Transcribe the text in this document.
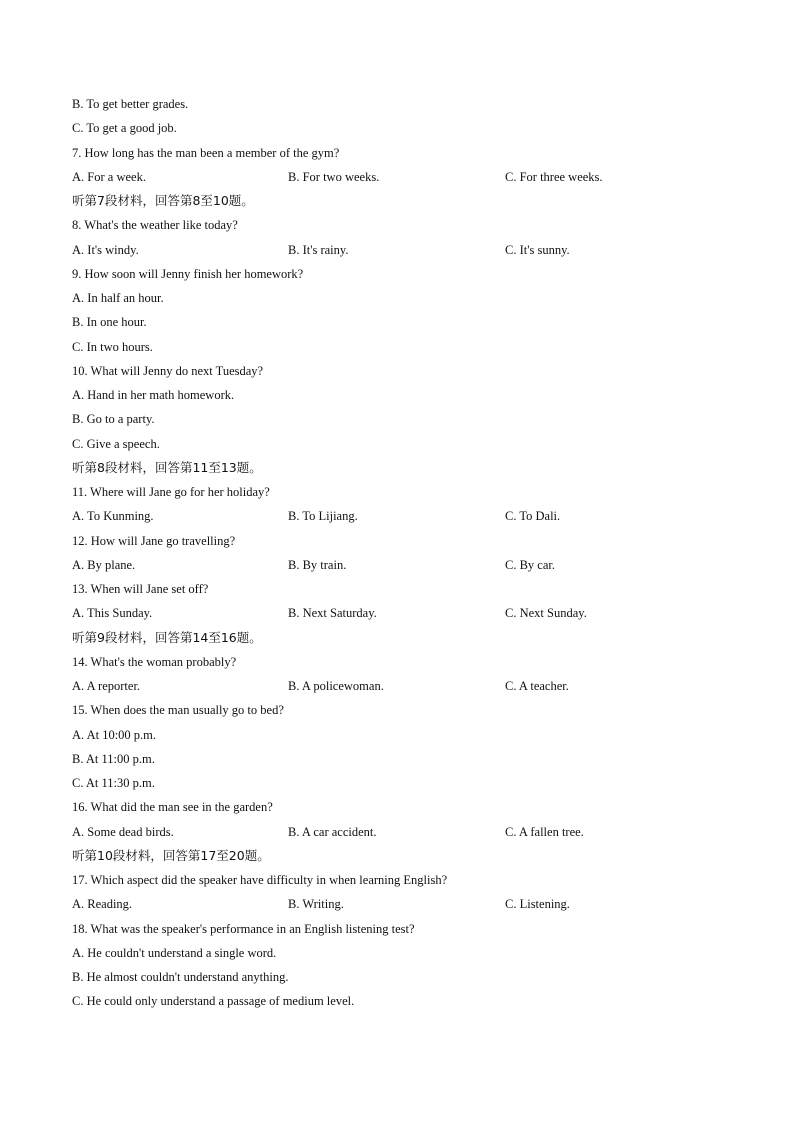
B. To get better grades.
C. To get a good job.
7. How long has the man been a member of the gym?
A. For a week.	B. For two weeks.	C. For three weeks.
听第7段材料，回答第8至10题。
8. What's the weather like today?
A. It's windy.	B. It's rainy.	C. It's sunny.
9. How soon will Jenny finish her homework?
A. In half an hour.
B. In one hour.
C. In two hours.
10. What will Jenny do next Tuesday?
A. Hand in her math homework.
B. Go to a party.
C. Give a speech.
听第8段材料，回答第11至13题。
11. Where will Jane go for her holiday?
A. To Kunming.	B. To Lijiang.	C. To Dali.
12. How will Jane go travelling?
A. By plane.	B. By train.	C. By car.
13. When will Jane set off?
A. This Sunday.	B. Next Saturday.	C. Next Sunday.
听第9段材料，回答第14至16题。
14. What's the woman probably?
A. A reporter.	B. A policewoman.	C. A teacher.
15. When does the man usually go to bed?
A. At 10:00 p.m.
B. At 11:00 p.m.
C. At 11:30 p.m.
16. What did the man see in the garden?
A. Some dead birds.	B. A car accident.	C. A fallen tree.
听第10段材料，回答第17至20题。
17. Which aspect did the speaker have difficulty in when learning English?
A. Reading.	B. Writing.	C. Listening.
18. What was the speaker's performance in an English listening test?
A. He couldn't understand a single word.
B. He almost couldn't understand anything.
C. He could only understand a passage of medium level.
